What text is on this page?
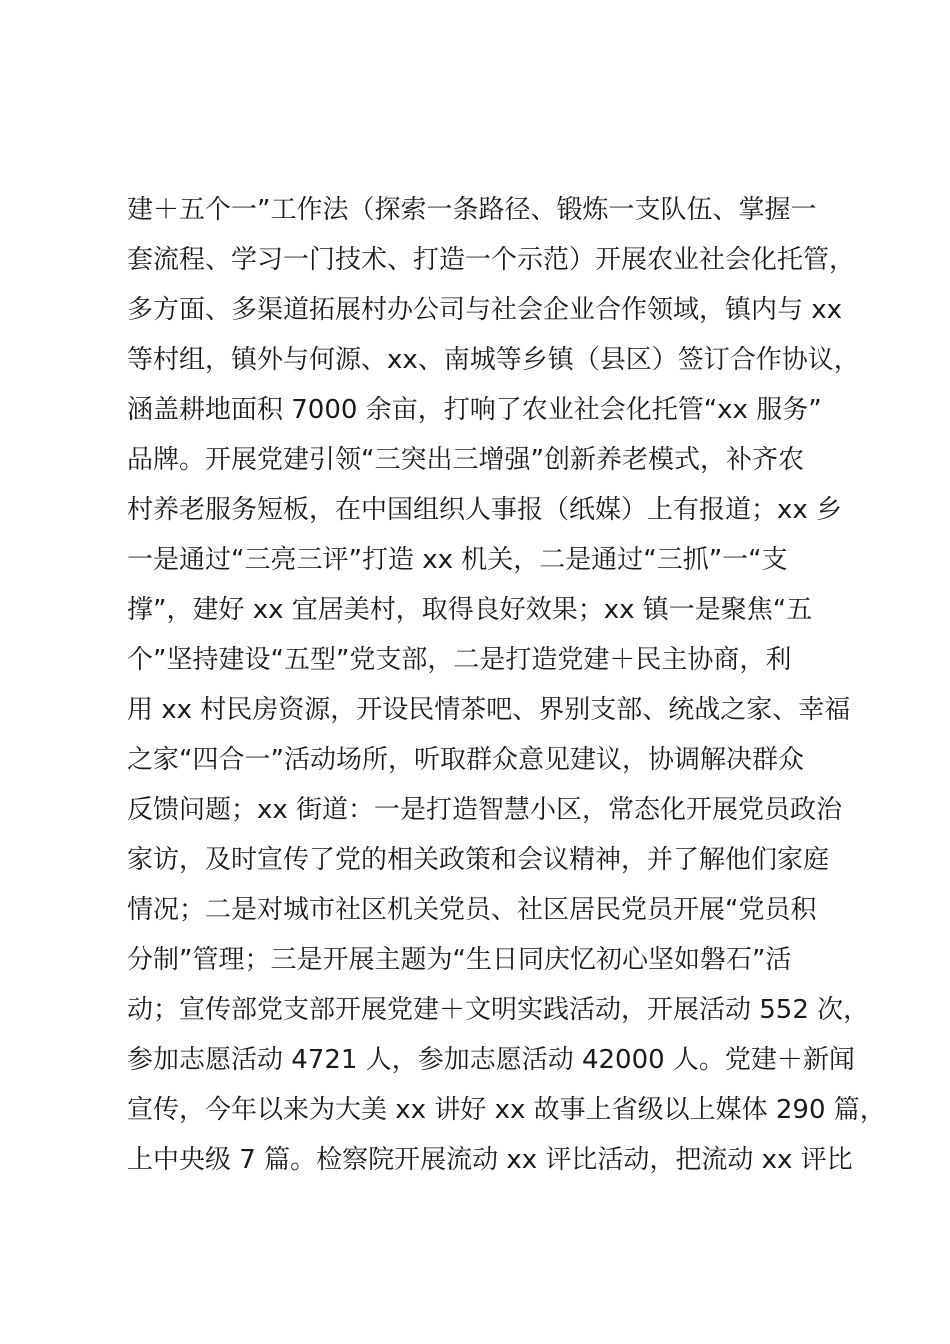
建＋五个一”工作法（探索一条路径、锻炼一支队伍、掌握一
套流程、学习一门技术、打造一个示范）开展农业社会化托管，
多方面、多渠道拓展村办公司与社会企业合作领域，镇内与 xx
等村组，镇外与何源、xx、南城等乡镇（县区）签订合作协议，
涵盖耕地面积 7000 余亩，打响了农业社会化托管“xx 服务”
品牌。开展党建引领“三突出三增强”创新养老模式，补齐农
村养老服务短板，在中国组织人事报（纸媒）上有报道；xx 乡
一是通过“三亮三评”打造 xx 机关，二是通过“三抓”一“支
撑”，建好 xx 宜居美村，取得良好效果；xx 镇一是聚焦“五
个”坚持建设“五型”党支部，二是打造党建＋民主协商，利
用 xx 村民房资源，开设民情茶吧、界别支部、统战之家、幸福
之家“四合一”活动场所，听取群众意见建议，协调解决群众
反馈问题；xx 街道：一是打造智慧小区，常态化开展党员政治
家访，及时宣传了党的相关政策和会议精神，并了解他们家庭
情况；二是对城市社区机关党员、社区居民党员开展“党员积
分制”管理；三是开展主题为“生日同庆忆初心坚如磐石”活
动；宣传部党支部开展党建＋文明实践活动，开展活动 552 次，
参加志愿活动 4721 人，参加志愿活动 42000 人。党建＋新闻
宣传，今年以来为大美 xx 讲好 xx 故事上省级以上媒体 290 篇，
上中央级 7 篇。检察院开展流动 xx 评比活动，把流动 xx 评比
